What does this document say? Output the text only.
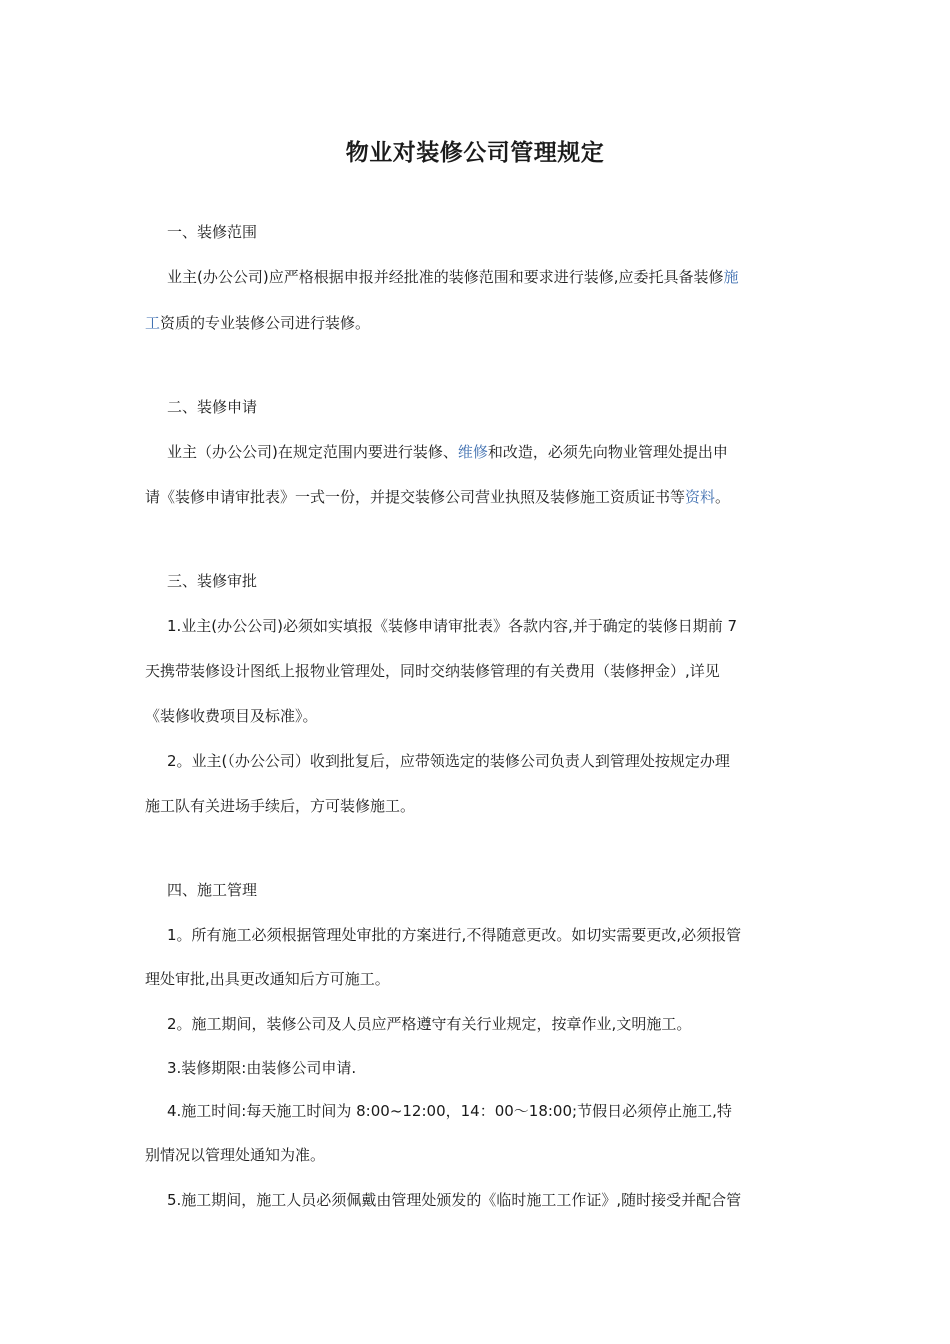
物业对装修公司管理规定
一、装修范围
业主(办公公司)应严格根据申报并经批准的装修范围和要求进行装修,应委托具备装修施
工资质的专业装修公司进行装修。
二、装修申请
业主（办公公司)在规定范围内要进行装修、维修和改造，必须先向物业管理处提出申
请《装修申请审批表》一式一份，并提交装修公司营业执照及装修施工资质证书等资料。
三、装修审批
1.业主(办公公司)必须如实填报《装修申请审批表》各款内容,并于确定的装修日期前 7
天携带装修设计图纸上报物业管理处，同时交纳装修管理的有关费用（装修押金）,详见
《装修收费项目及标准》。
2。业主(（办公公司）收到批复后，应带领选定的装修公司负责人到管理处按规定办理
施工队有关进场手续后，方可装修施工。
四、施工管理
1。所有施工必须根据管理处审批的方案进行,不得随意更改。如切实需要更改,必须报管
理处审批,出具更改通知后方可施工。
2。施工期间，装修公司及人员应严格遵守有关行业规定，按章作业,文明施工。
3.装修期限:由装修公司申请.
4.施工时间:每天施工时间为 8:00~12:00，14：00～18:00;节假日必须停止施工,特
别情况以管理处通知为准。
5.施工期间，施工人员必须佩戴由管理处颁发的《临时施工工作证》,随时接受并配合管
